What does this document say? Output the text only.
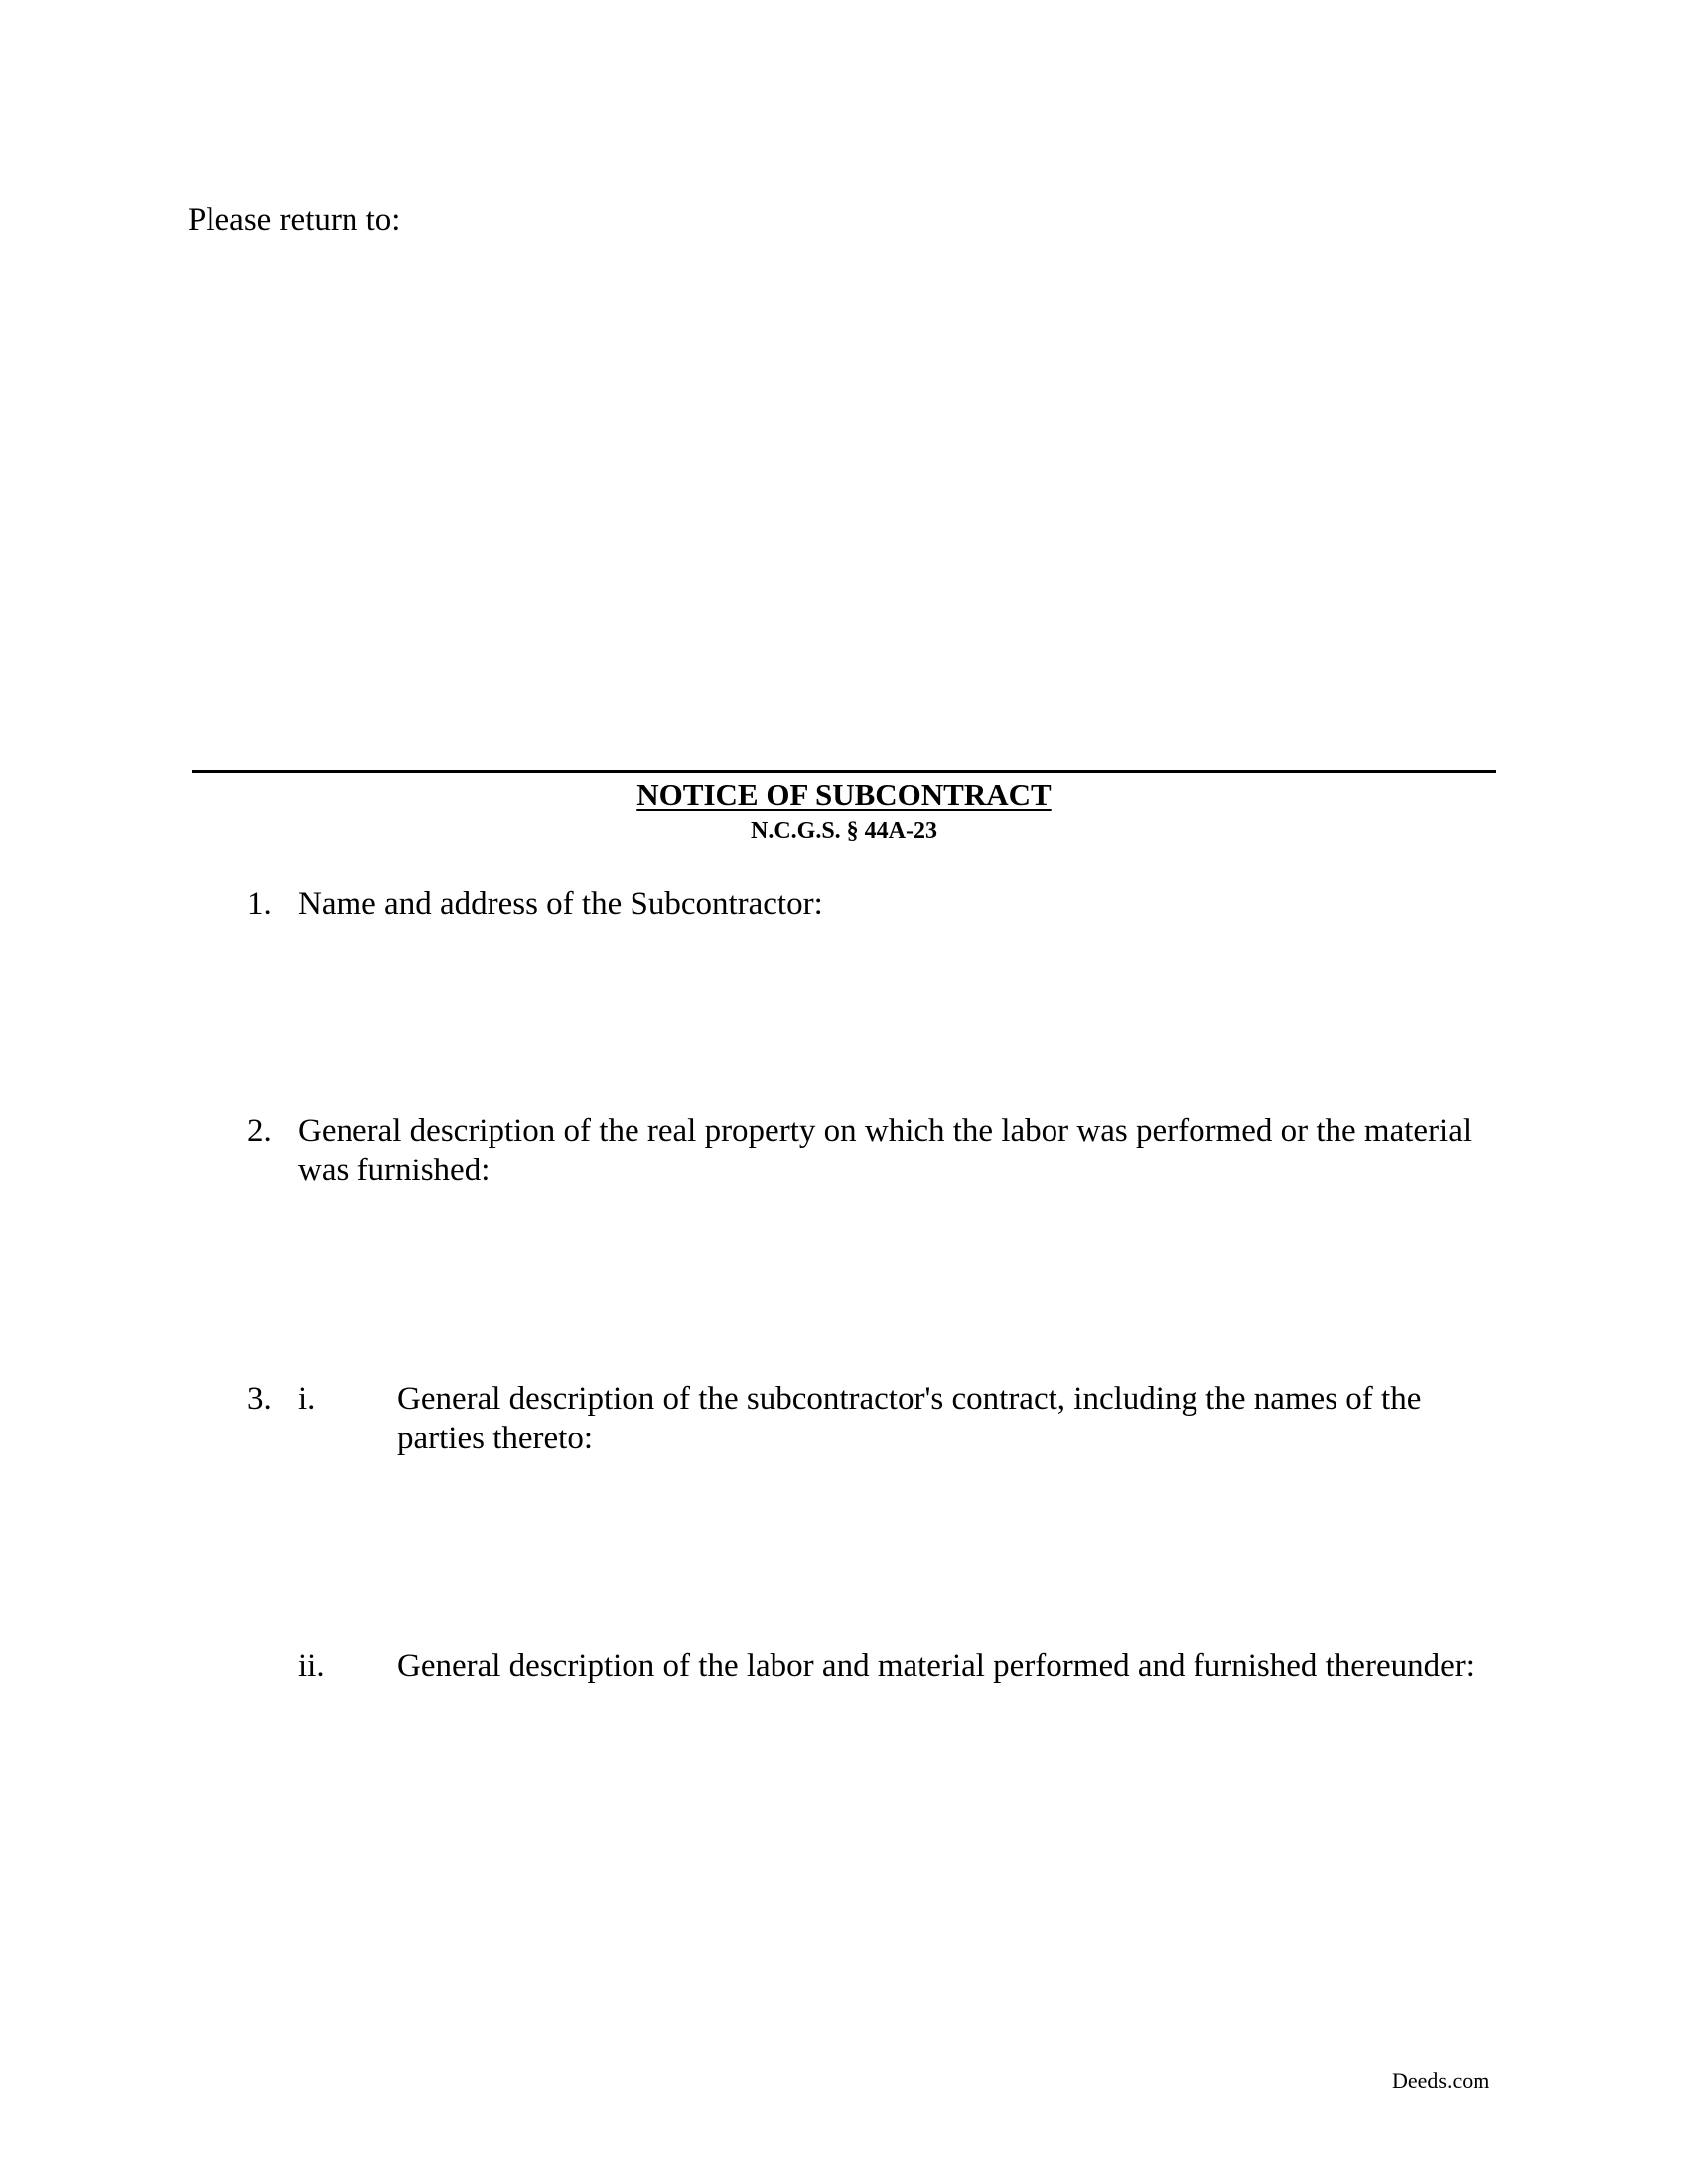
Please return to:

NOTICE OF SUBCONTRACT

N.C.G.S. § 44A-23

1. Name and address of the Subcontractor:

2. General description of the real property on which the labor was performed or the material was furnished:

3. i.	General description of the subcontractor's contract, including the names of the parties thereto:

ii. General description of the labor and material performed and furnished thereunder:

Deeds.com
